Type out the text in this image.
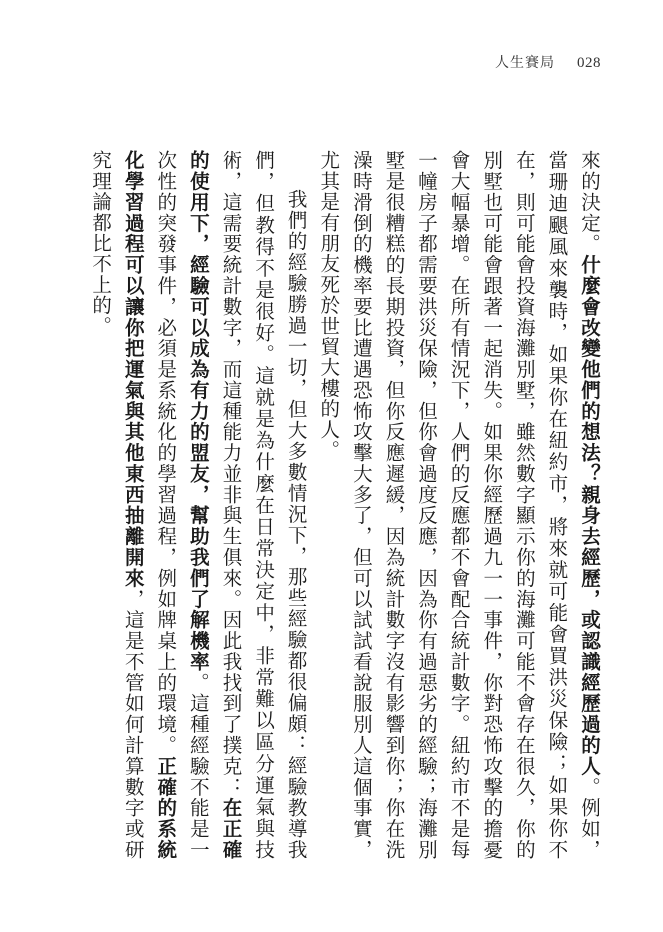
人生賽局 028

來的決定。什麼會改變他們的想法？親身去經歷，或認識經歷過的人。例如，當珊迪颶風來襲時，如果你在紐約市，將來就可能會買洪災保險；如果你不在，則可能會投資海灘別墅，雖然數字顯示你的海灘可能不會存在很久，你的別墅也可能會跟著一起消失。如果你經歷過九一一事件，你對恐怖攻擊的擔憂會大幅暴增。在所有情況下，人們的反應都不會配合統計數字。紐約市不是每一幢房子都需要洪災保險，但你會過度反應，因為你有過惡劣的經驗；海灘別墅是很糟糕的長期投資，但你反應遲緩，因為統計數字沒有影響到你；你在洗澡時滑倒的機率要比遭遇恐怖攻擊大多了，但可以試試看說服別人這個事實，尤其是有朋友死於世貿大樓的人。

我們的經驗勝過一切，但大多數情況下，那些經驗都很偏頗：經驗教導我們，但教得不是很好。這就是為什麼在日常決定中，非常難以區分運氣與技術，這需要統計數字，而這種能力並非與生俱來。因此我找到了撲克：在正確的使用下，經驗可以成為有力的盟友，幫助我們了解機率。這種經驗不能是一次性的突發事件，必須是系統化的學習過程，例如牌桌上的環境。正確的系統化學習過程可以讓你把運氣與其他東西抽離開來，這是不管如何計算數字或研究理論都比不上的。
